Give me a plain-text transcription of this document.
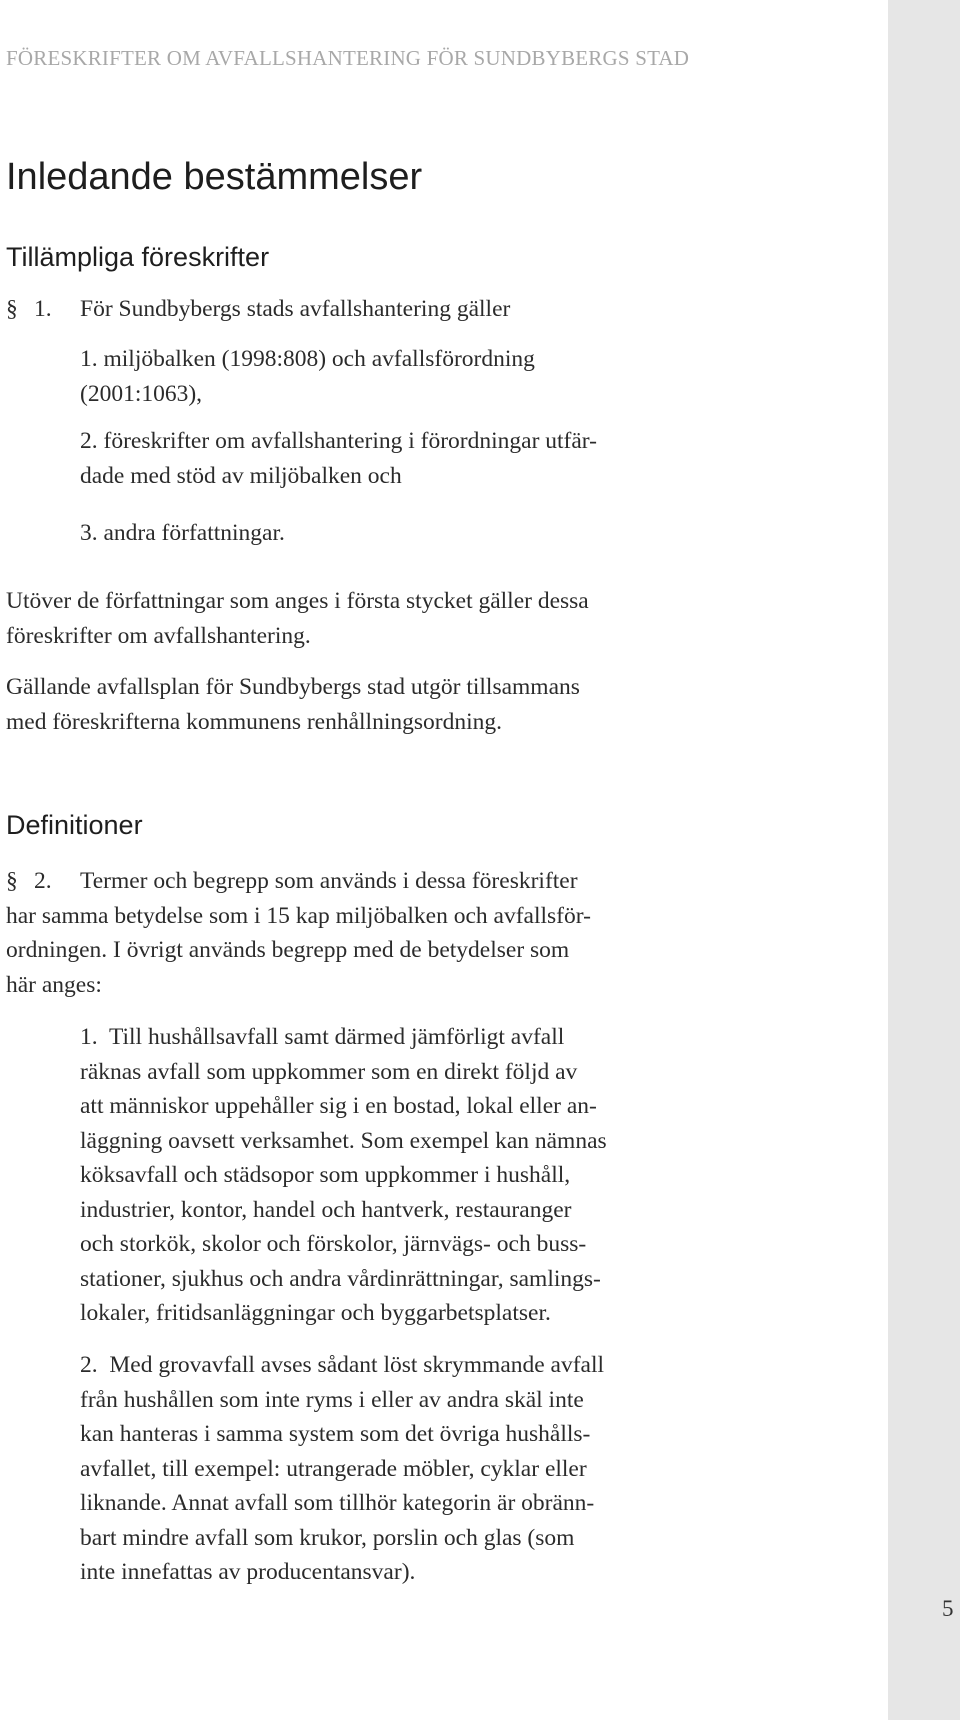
5
FÖRESKRIFTER OM AVFALLSHANTERING FÖR SUNDBYBERGS STAD
Inledande bestämmelser
Tillämpliga föreskrifter
§ 1. För Sundbybergs stads avfallshantering gäller
1. miljöbalken (1998:808) och avfallsförordning
(2001:1063),
2. föreskrifter om avfallshantering i förordningar utfär-
dade med stöd av miljöbalken och
3. andra författningar.
Utöver de författningar som anges i första stycket gäller dessa
föreskrifter om avfallshantering.
Gällande avfallsplan för Sundbybergs stad utgör tillsammans
med föreskrifterna kommunens renhållningsordning.
Definitioner
§ 2. Termer och begrepp som används i dessa föreskrifter
har samma betydelse som i 15 kap miljöbalken och avfallsför-
ordningen. I övrigt används begrepp med de betydelser som
här anges:
1.  Till hushållsavfall samt därmed jämförligt avfall
räknas avfall som uppkommer som en direkt följd av
att människor uppehåller sig i en bostad, lokal eller an-
läggning oavsett verksamhet. Som exempel kan nämnas
köksavfall och städsopor som uppkommer i hushåll,
industrier, kontor, handel och hantverk, restauranger
och storkök, skolor och förskolor, järnvägs- och buss-
stationer, sjukhus och andra vårdinrättningar, samlings-
lokaler, fritidsanläggningar och byggarbetsplatser.
2.  Med grovavfall avses sådant löst skrymmande avfall
från hushållen som inte ryms i eller av andra skäl inte
kan hanteras i samma system som det övriga hushålls-
avfallet, till exempel: utrangerade möbler, cyklar eller
liknande. Annat avfall som tillhör kategorin är obränn-
bart mindre avfall som krukor, porslin och glas (som
inte innefattas av producentansvar).
